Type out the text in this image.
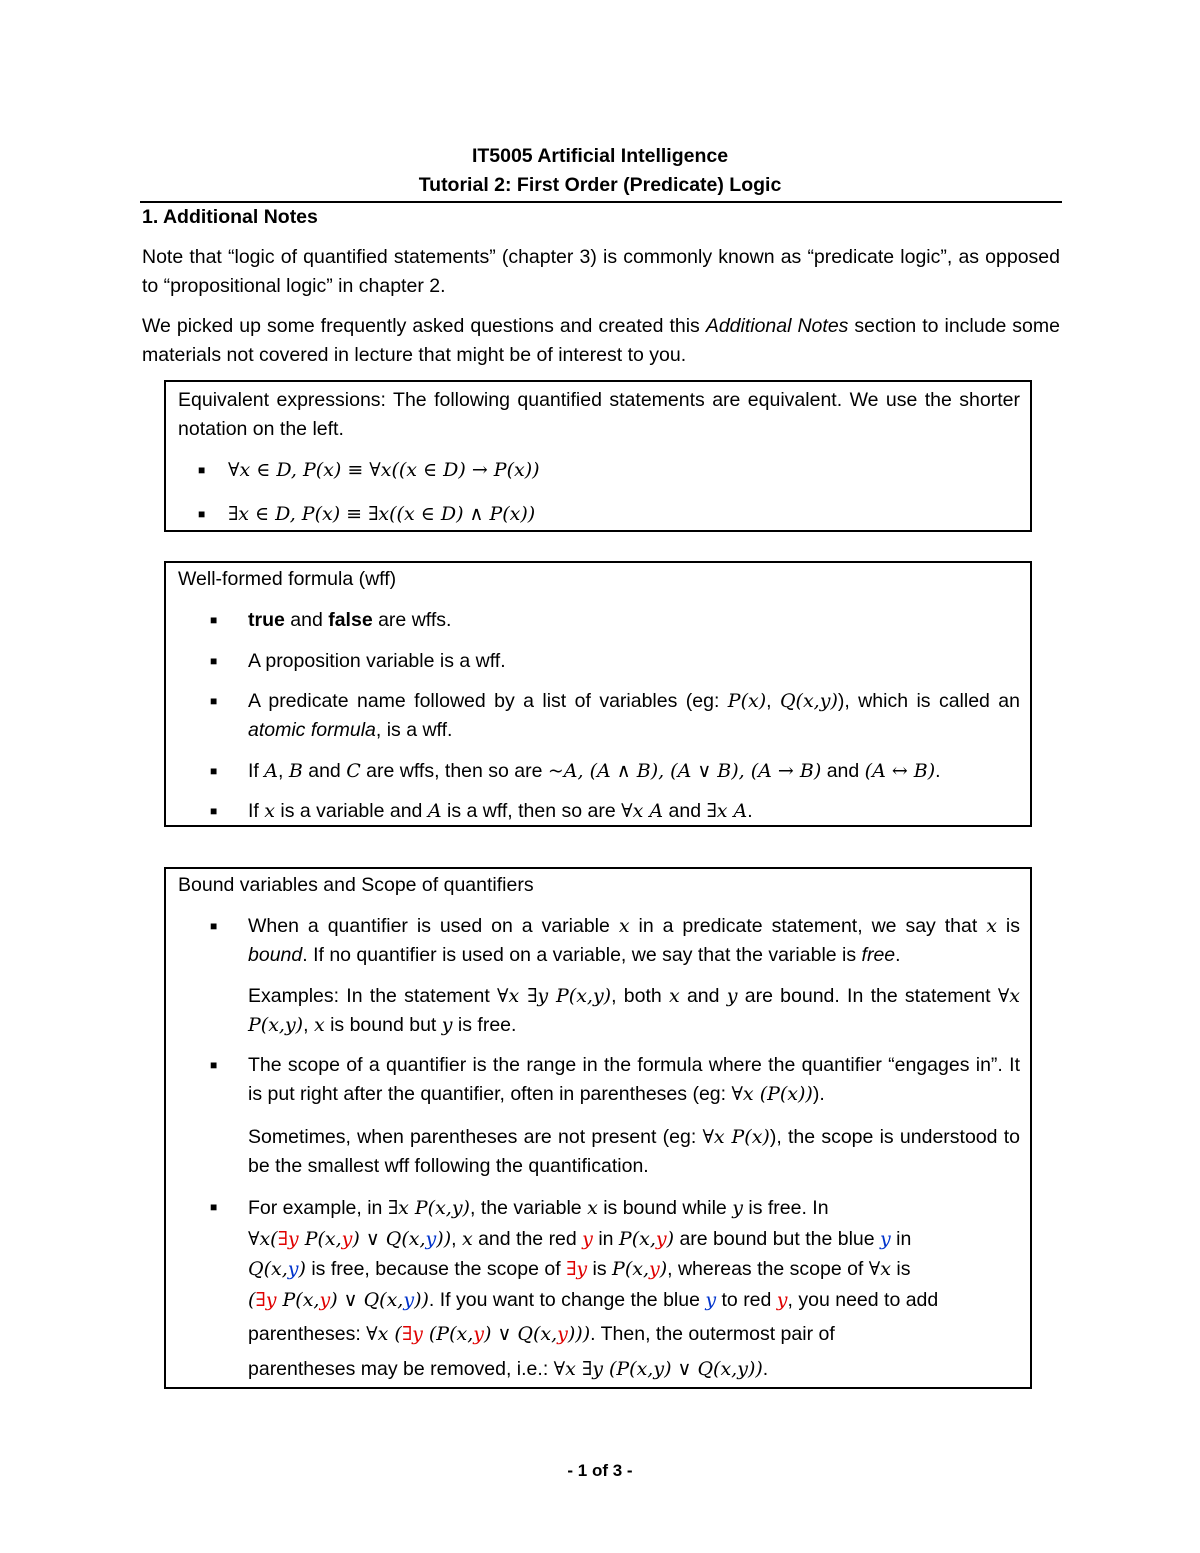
IT5005 Artificial Intelligence
Tutorial 2: First Order (Predicate) Logic
1. Additional Notes
Note that “logic of quantified statements” (chapter 3) is commonly known as “predicate logic”, as opposed to “propositional logic” in chapter 2.
We picked up some frequently asked questions and created this Additional Notes section to include some materials not covered in lecture that might be of interest to you.
Equivalent expressions: The following quantified statements are equivalent. We use the shorter notation on the left.
■ ∀x ∈ D, P(x) ≡ ∀x((x ∈ D) → P(x))
■ ∃x ∈ D, P(x) ≡ ∃x((x ∈ D) ∧ P(x))
Well-formed formula (wff)
■ true and false are wffs.
■ A proposition variable is a wff.
■ A predicate name followed by a list of variables (eg: P(x), Q(x,y)), which is called an atomic formula, is a wff.
■ If A, B and C are wffs, then so are ~A, (A ∧ B), (A ∨ B), (A → B) and (A ↔ B).
■ If x is a variable and A is a wff, then so are ∀x A and ∃x A.
Bound variables and Scope of quantifiers
■ When a quantifier is used on a variable x in a predicate statement, we say that x is bound. If no quantifier is used on a variable, we say that the variable is free.
Examples: In the statement ∀x ∃y P(x,y), both x and y are bound. In the statement ∀x P(x,y), x is bound but y is free.
■ The scope of a quantifier is the range in the formula where the quantifier “engages in”. It is put right after the quantifier, often in parentheses (eg: ∀x (P(x))).
Sometimes, when parentheses are not present (eg: ∀x P(x)), the scope is understood to be the smallest wff following the quantification.
■ For example, in ∃x P(x,y), the variable x is bound while y is free. In
∀x(∃y P(x,y) ∨ Q(x,y)), x and the red y in P(x,y) are bound but the blue y in
Q(x,y) is free, because the scope of ∃y is P(x,y), whereas the scope of ∀x is
(∃y P(x,y) ∨ Q(x,y)). If you want to change the blue y to red y, you need to add
parentheses: ∀x (∃y (P(x,y) ∨ Q(x,y))). Then, the outermost pair of
parentheses may be removed, i.e.: ∀x ∃y (P(x,y) ∨ Q(x,y)).
- 1 of 3 -
